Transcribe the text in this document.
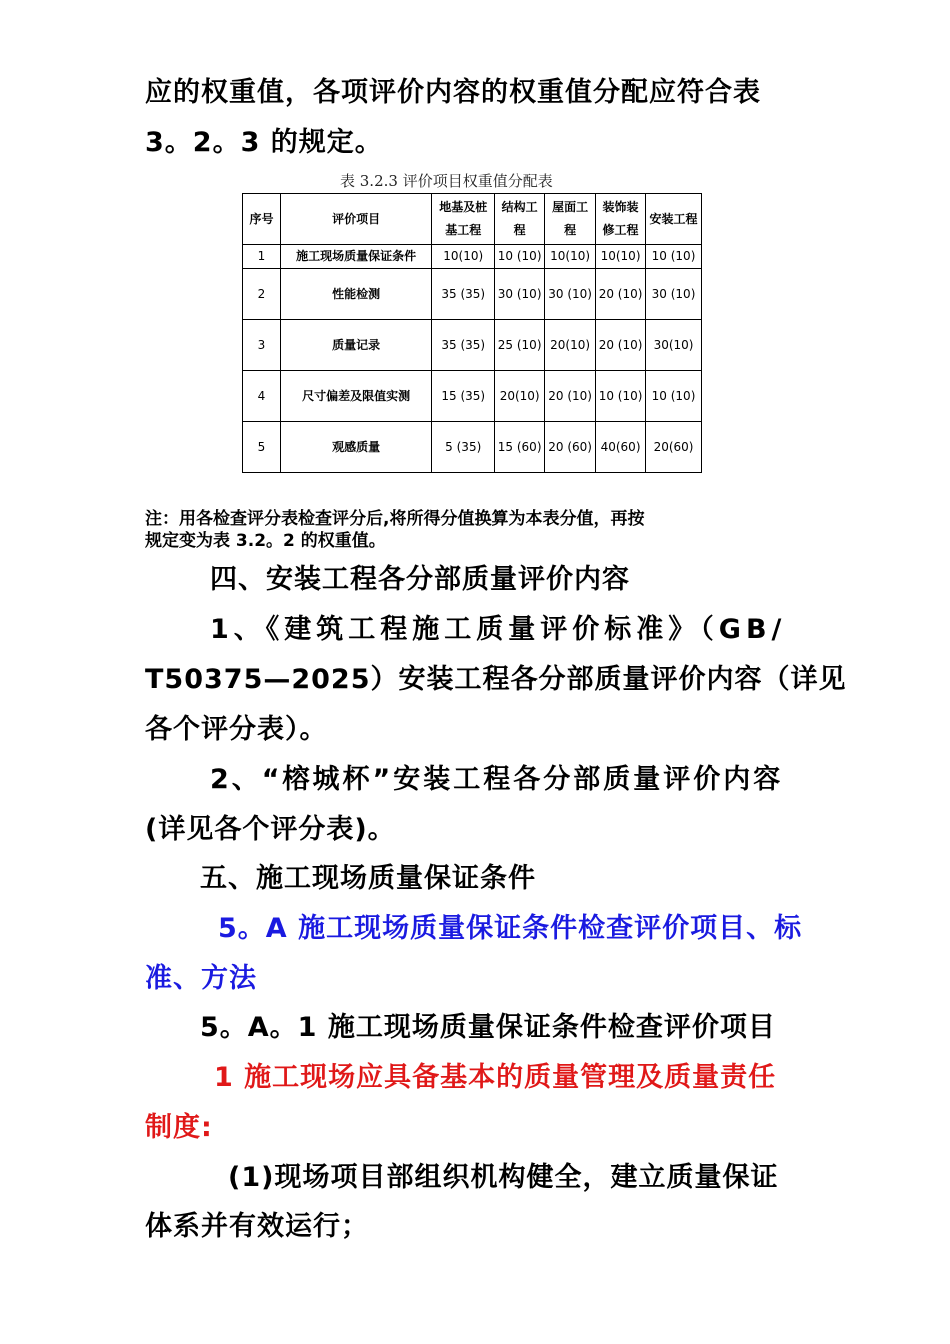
应的权重值，各项评价内容的权重值分配应符合表
3。2。3 的规定。
表 3.2.3 评价项目权重值分配表
序号	评价项目	地基及桩基工程	结构工程	屋面工程	装饰装修工程	安装工程

1	施工现场质量保证条件	10(10)	10 (10)	10(10)	10(10)	10 (10)
2	性能检测	35 (35)	30 (10)	30 (10)	20 (10)	30 (10)
3	质量记录	35 (35)	25 (10)	20(10)	20 (10)	30(10)
4	尺寸偏差及限值实测	15 (35)	20(10)	20 (10)	10 (10)	10 (10)
5	观感质量	5 (35)	15 (60)	20 (60)	40(60)	20(60)
注：用各检查评分表检查评分后,将所得分值换算为本表分值，再按
规定变为表 3.2。2 的权重值。
四、安装工程各分部质量评价内容
1、《建筑工程施工质量评价标准》（GB/
T50375—2025）安装工程各分部质量评价内容（详见
各个评分表）。
2、“榕城杯”安装工程各分部质量评价内容
(详见各个评分表)。
五、施工现场质量保证条件
5。A 施工现场质量保证条件检查评价项目、标
准、方法
5。A。1 施工现场质量保证条件检查评价项目
1 施工现场应具备基本的质量管理及质量责任
制度:
(1)现场项目部组织机构健全，建立质量保证
体系并有效运行；
